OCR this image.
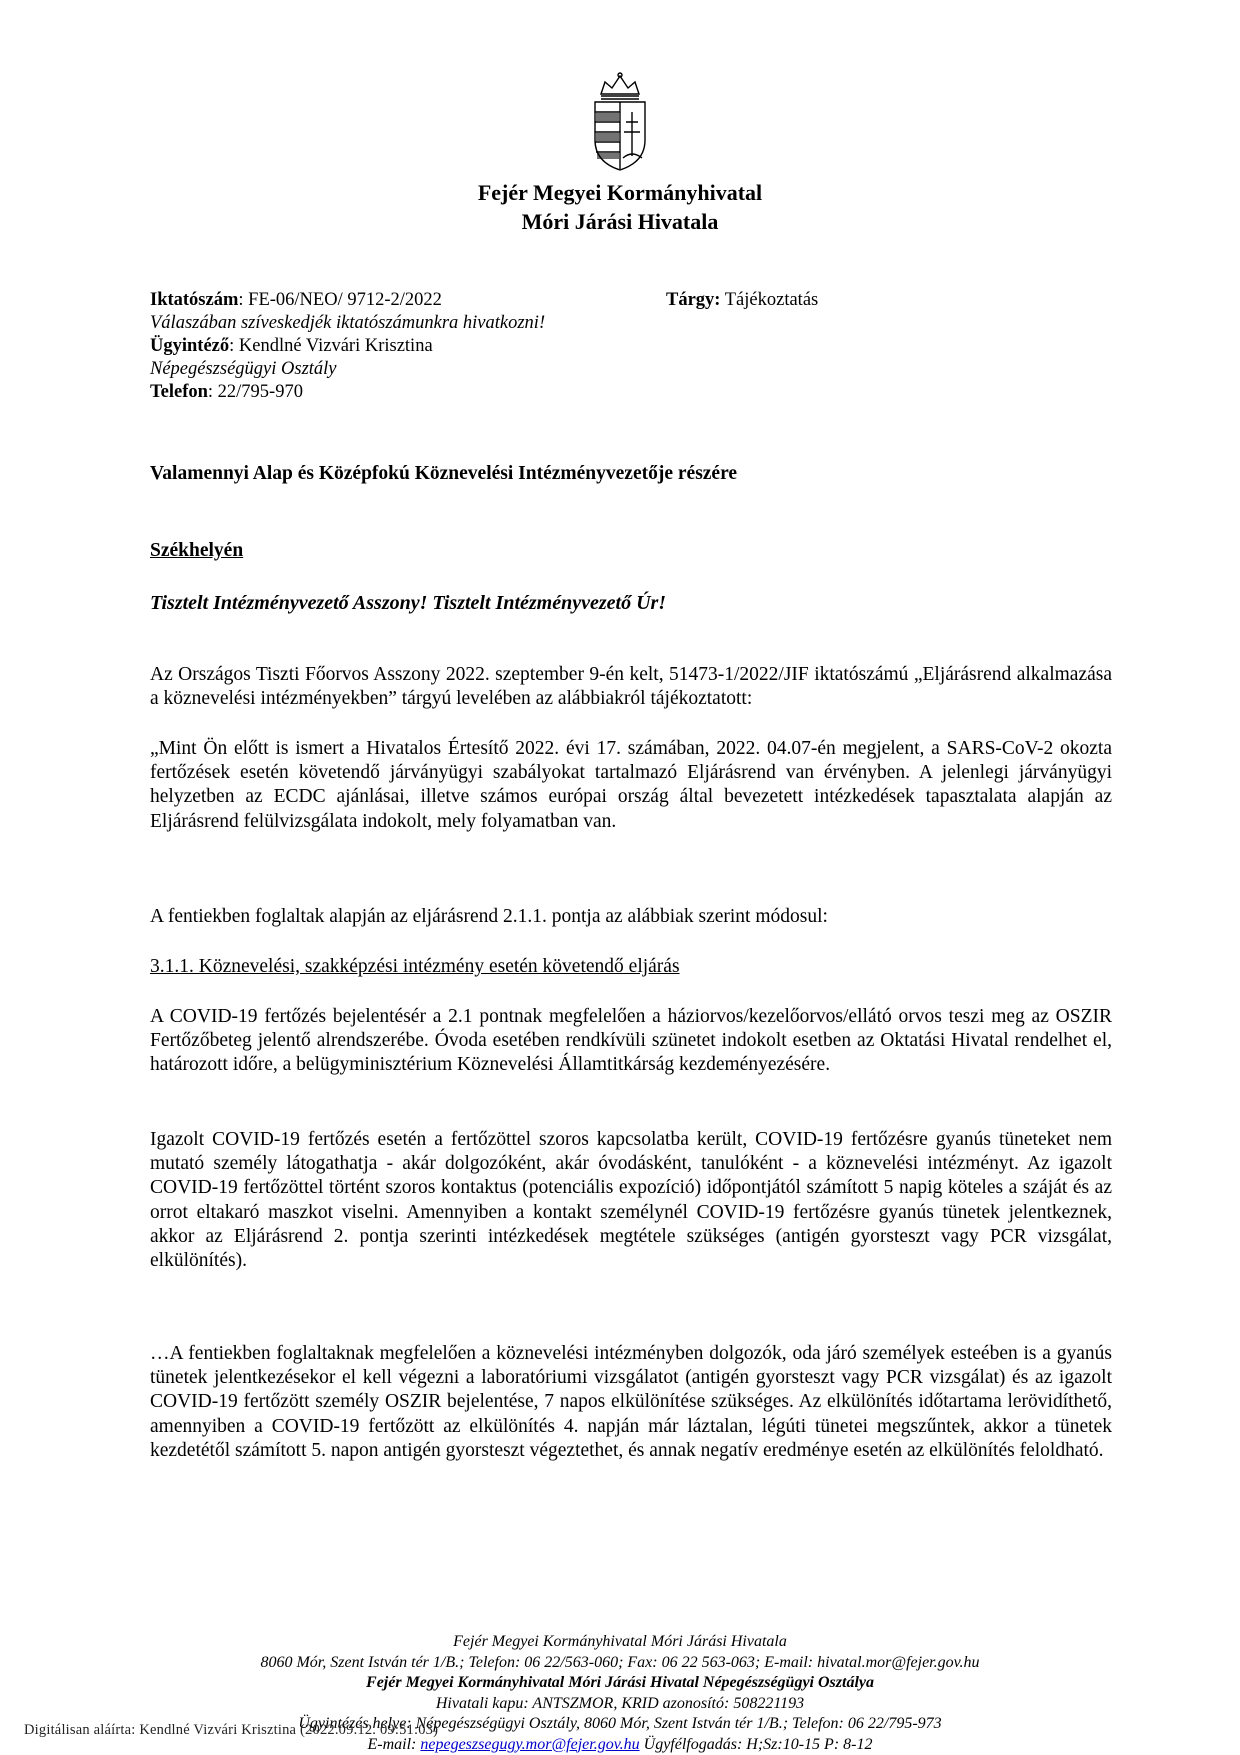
Fejér Megyei Kormányhivatal
Móri Járási Hivatala
Iktatószám: FE-06/NEO/ 9712-2/2022
Válaszában szíveskedjék iktatószámunkra hivatkozni!
Ügyintéző: Kendlné Vizvári Krisztina
Népegészségügyi Osztály
Telefon: 22/795-970
Tárgy: Tájékoztatás
Valamennyi Alap és Középfokú Köznevelési Intézményvezetője részére
Székhelyén
Tisztelt Intézményvezető Asszony! Tisztelt Intézményvezető Úr!
Az Országos Tiszti Főorvos Asszony 2022. szeptember 9-én kelt, 51473-1/2022/JIF iktatószámú „Eljárásrend alkalmazása a köznevelési intézményekben” tárgyú levelében az alábbiakról tájékoztatott:
„Mint Ön előtt is ismert a Hivatalos Értesítő 2022. évi 17. számában, 2022. 04.07-én megjelent, a SARS-CoV-2 okozta fertőzések esetén követendő járványügyi szabályokat tartalmazó Eljárásrend van érvényben. A jelenlegi járványügyi helyzetben az ECDC ajánlásai, illetve számos európai ország által bevezetett intézkedések tapasztalata alapján az Eljárásrend felülvizsgálata indokolt, mely folyamatban van.
A fentiekben foglaltak alapján az eljárásrend 2.1.1. pontja az alábbiak szerint módosul:
3.1.1. Köznevelési, szakképzési intézmény esetén követendő eljárás
A COVID-19 fertőzés bejelentésér a 2.1 pontnak megfelelően a háziorvos/kezelőorvos/ellátó orvos teszi meg az OSZIR Fertőzőbeteg jelentő alrendszerébe. Óvoda esetében rendkívüli szünetet indokolt esetben az Oktatási Hivatal rendelhet el, határozott időre, a belügyminisztérium Köznevelési Államtitkárság kezdeményezésére.
Igazolt COVID-19 fertőzés esetén a fertőzöttel szoros kapcsolatba került, COVID-19 fertőzésre gyanús tüneteket nem mutató személy látogathatja - akár dolgozóként, akár óvodásként, tanulóként - a köznevelési intézményt. Az igazolt COVID-19 fertőzöttel történt szoros kontaktus (potenciális expozíció) időpontjától számított 5 napig köteles a száját és az orrot eltakaró maszkot viselni. Amennyiben a kontakt személynél COVID-19 fertőzésre gyanús tünetek jelentkeznek, akkor az Eljárásrend 2. pontja szerinti intézkedések megtétele szükséges (antigén gyorsteszt vagy PCR vizsgálat, elkülönítés).
…A fentiekben foglaltaknak megfelelően a köznevelési intézményben dolgozók, oda járó személyek esteében is a gyanús tünetek jelentkezésekor el kell végezni a laboratóriumi vizsgálatot (antigén gyorsteszt vagy PCR vizsgálat) és az igazolt COVID-19 fertőzött személy OSZIR bejelentése, 7 napos elkülönítése szükséges. Az elkülönítés időtartama lerövidíthető, amennyiben a COVID-19 fertőzött az elkülönítés 4. napján már láztalan, légúti tünetei megszűntek, akkor a tünetek kezdetétől számított 5. napon antigén gyorsteszt végeztethet, és annak negatív eredménye esetén az elkülönítés feloldható.
Fejér Megyei Kormányhivatal Móri Járási Hivatala
8060 Mór, Szent István tér 1/B.; Telefon: 06 22/563-060; Fax: 06 22 563-063; E-mail: hivatal.mor@fejer.gov.hu
Fejér Megyei Kormányhivatal Móri Járási Hivatal Népegészségügyi Osztálya
Hivatali kapu: ANTSZMOR, KRID azonosító: 508221193
Ügyintézés helye: Népegészségügyi Osztály, 8060 Mór, Szent István tér 1/B.; Telefon: 06 22/795-973
E-mail: nepegeszsegugy.mor@fejer.gov.hu Ügyfélfogadás: H;Sz:10-15 P: 8-12
Digitálisan aláírta: Kendlné Vizvári Krisztina (2022.09.12. 09:51:03)
